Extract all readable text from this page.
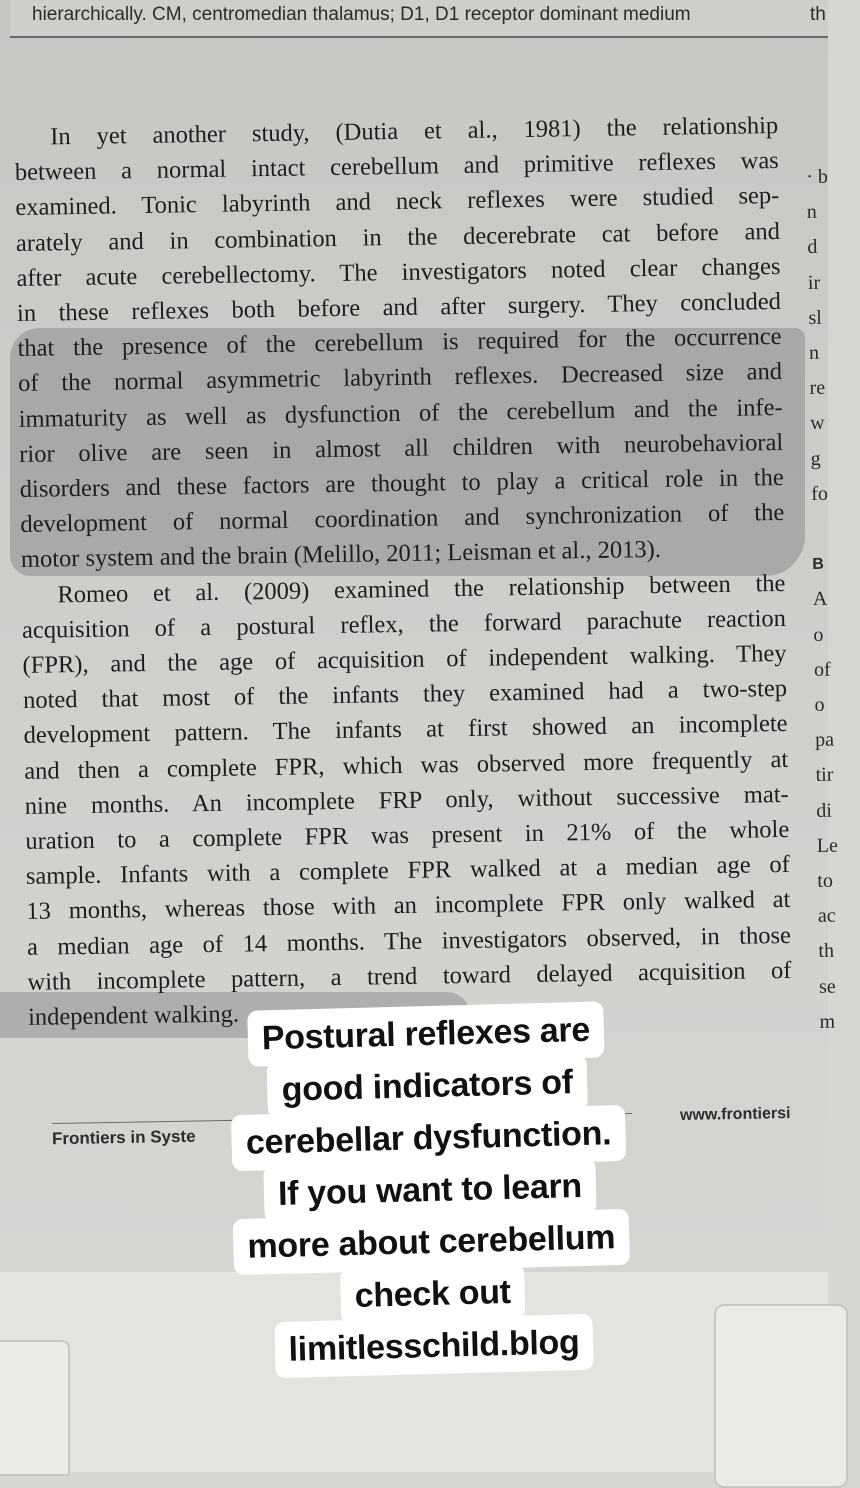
hierarchically. CM, centromedian thalamus; D1, D1 receptor dominant medium	th

In yet another study, (Dutia et al., 1981) the relationship
between a normal intact cerebellum and primitive reflexes was
examined. Tonic labyrinth and neck reflexes were studied sep-
arately and in combination in the decerebrate cat before and
after acute cerebellectomy. The investigators noted clear changes
in these reflexes both before and after surgery. They concluded
that the presence of the cerebellum is required for the occurrence
of the normal asymmetric labyrinth reflexes. Decreased size and
immaturity as well as dysfunction of the cerebellum and the infe-
rior olive are seen in almost all children with neurobehavioral
disorders and these factors are thought to play a critical role in the
development of normal coordination and synchronization of the
motor system and the brain (Melillo, 2011; Leisman et al., 2013).

Romeo et al. (2009) examined the relationship between the
acquisition of a postural reflex, the forward parachute reaction
(FPR), and the age of acquisition of independent walking. They
noted that most of the infants they examined had a two-step
development pattern. The infants at first showed an incomplete
and then a complete FPR, which was observed more frequently at
nine months. An incomplete FRP only, without successive mat-
uration to a complete FPR was present in 21% of the whole
sample. Infants with a complete FPR walked at a median age of
13 months, whereas those with an incomplete FPR only walked at
a median age of 14 months. The investigators observed, in those
with incomplete pattern, a trend toward delayed acquisition of
independent walking.

· b
n
d
ir
sl
n
re
w
g
fo

B
A
o
of
o
pa
tir
di
Le
to
ac
th
se
m
Frontiers in Syste
www.frontiersi
Postural reflexes are
good indicators of
cerebellar dysfunction.
If you want to learn
more about cerebellum
check out
limitlesschild.blog
